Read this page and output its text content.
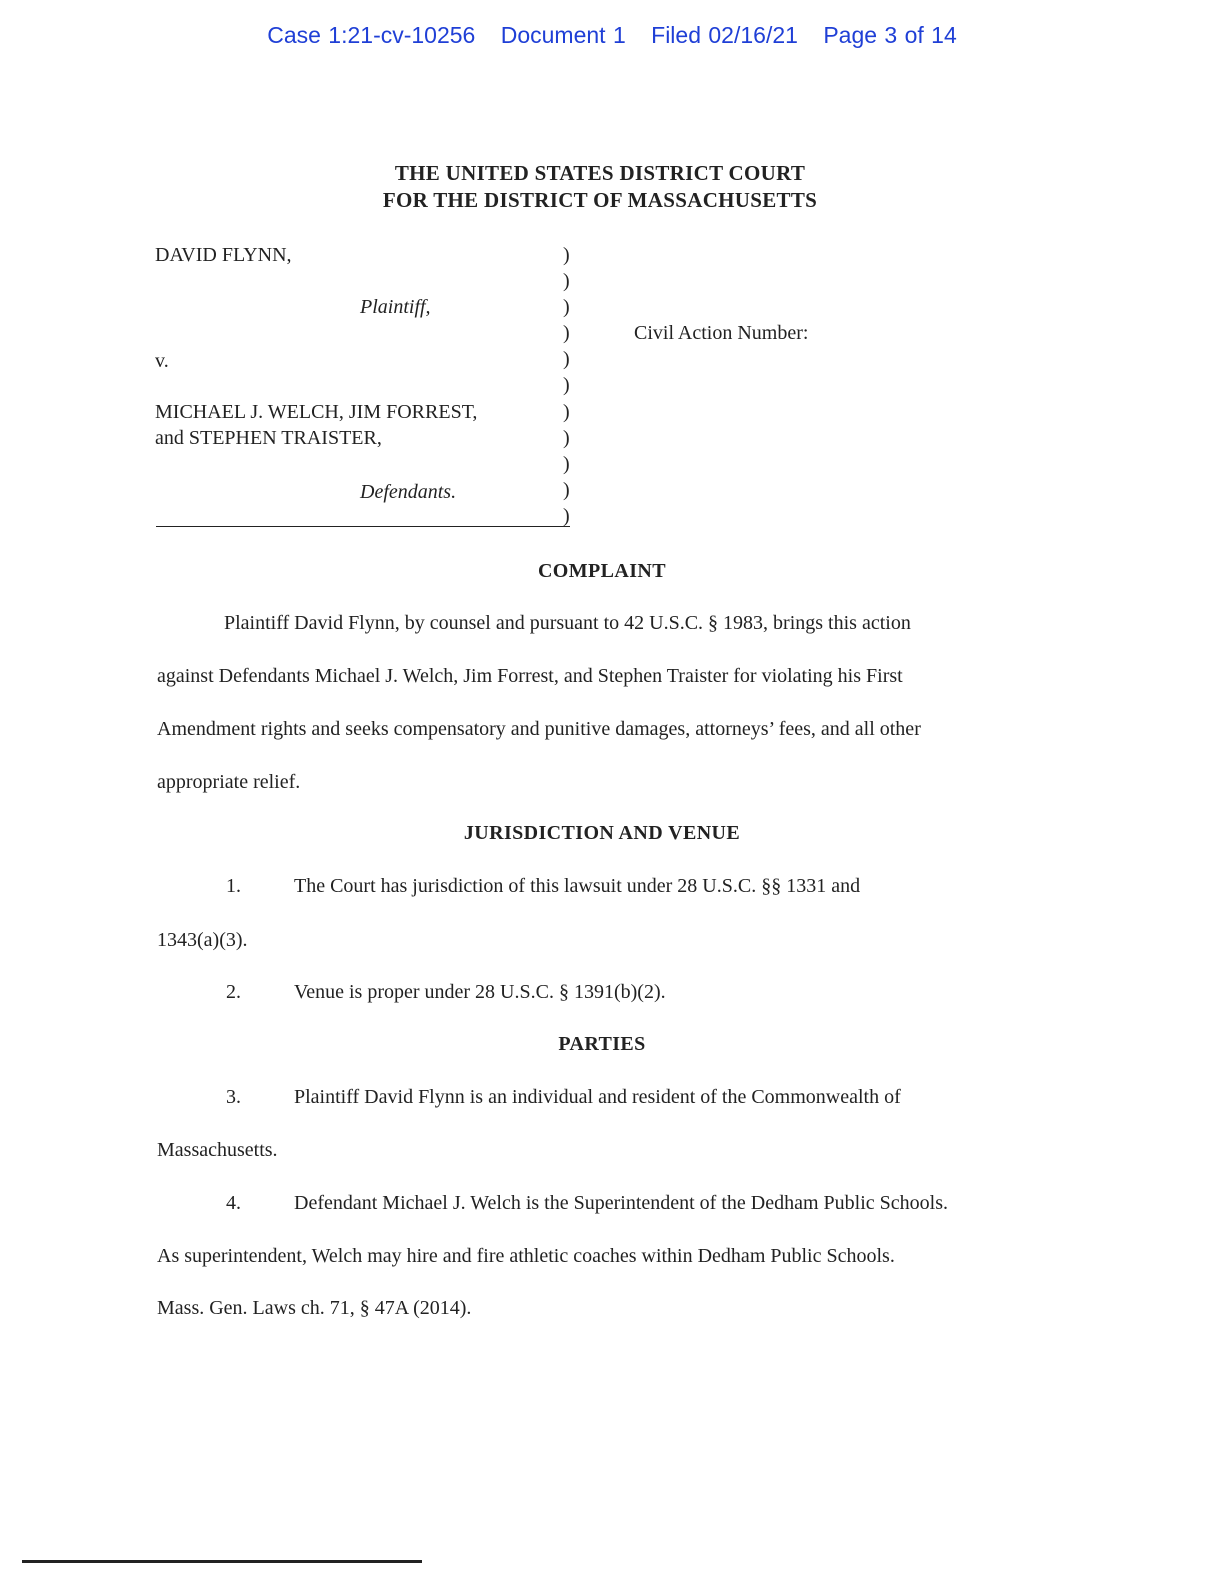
Case 1:21-cv-10256 Document 1 Filed 02/16/21 Page 3 of 14
THE UNITED STATES DISTRICT COURT
FOR THE DISTRICT OF MASSACHUSETTS
DAVID FLYNN,
Plaintiff,
Civil Action Number:
v.
MICHAEL J. WELCH, JIM FORREST,
and STEPHEN TRAISTER,
Defendants.
)
)
)
)
)
)
)
)
)
)
)
COMPLAINT
Plaintiff David Flynn, by counsel and pursuant to 42 U.S.C. § 1983, brings this action
against Defendants Michael J. Welch, Jim Forrest, and Stephen Traister for violating his First
Amendment rights and seeks compensatory and punitive damages, attorneys’ fees, and all other
appropriate relief.
JURISDICTION AND VENUE
1.	The Court has jurisdiction of this lawsuit under 28 U.S.C. §§ 1331 and
1343(a)(3).
2.	Venue is proper under 28 U.S.C. § 1391(b)(2).
PARTIES
3.	Plaintiff David Flynn is an individual and resident of the Commonwealth of
Massachusetts.
4.	Defendant Michael J. Welch is the Superintendent of the Dedham Public Schools.
As superintendent, Welch may hire and fire athletic coaches within Dedham Public Schools.
Mass. Gen. Laws ch. 71, § 47A (2014).
